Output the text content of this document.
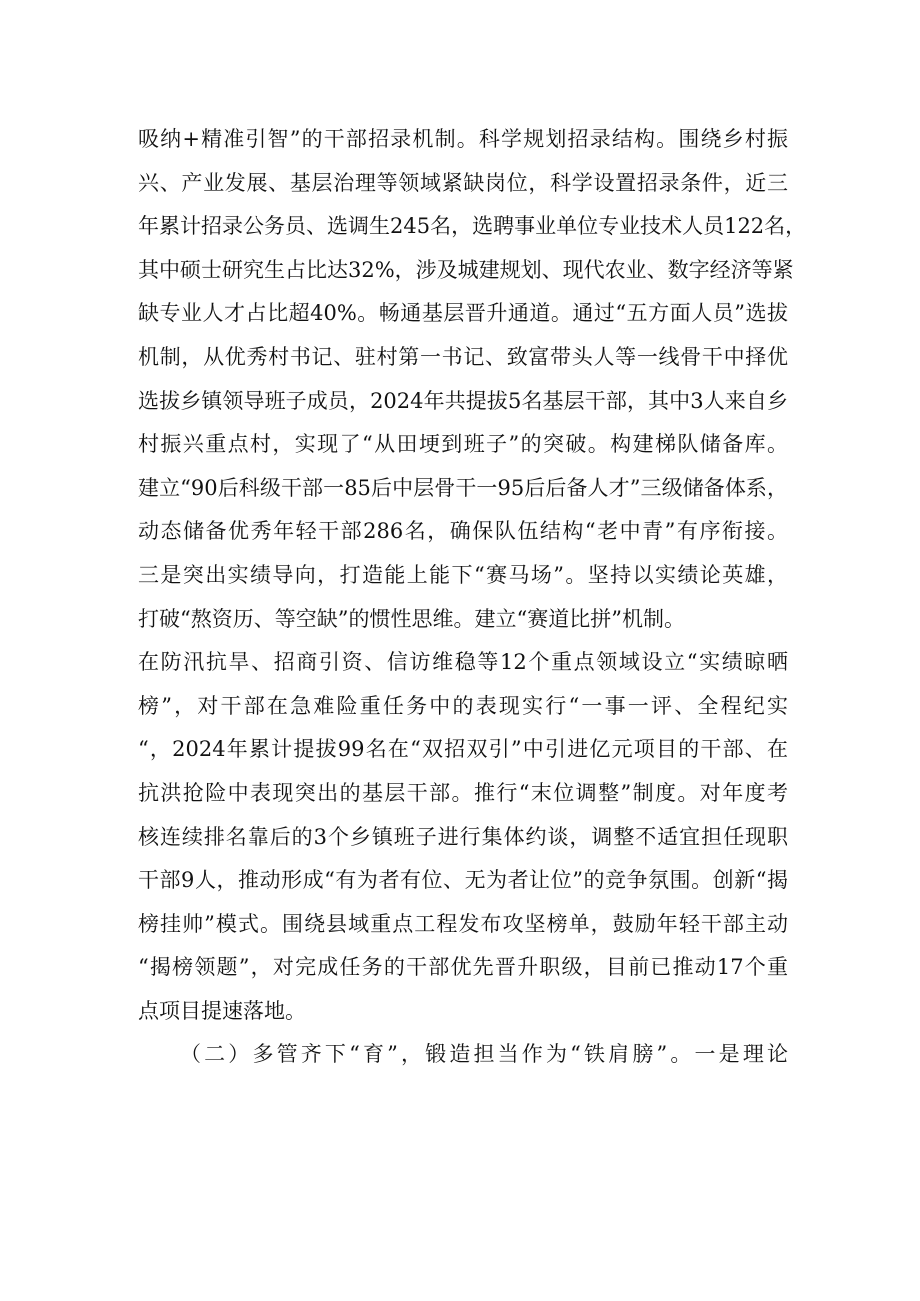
吸纳+精准引智”的干部招录机制。科学规划招录结构。围绕乡村振
兴、产业发展、基层治理等领域紧缺岗位，科学设置招录条件，近三
年累计招录公务员、选调生245名，选聘事业单位专业技术人员122名，
其中硕士研究生占比达32%，涉及城建规划、现代农业、数字经济等紧
缺专业人才占比超40%。畅通基层晋升通道。通过“五方面人员”选拔
机制，从优秀村书记、驻村第一书记、致富带头人等一线骨干中择优
选拔乡镇领导班子成员，2024年共提拔5名基层干部，其中3人来自乡
村振兴重点村，实现了“从田埂到班子”的突破。构建梯队储备库。
建立“90后科级干部一85后中层骨干一95后后备人才”三级储备体系，
动态储备优秀年轻干部286名，确保队伍结构“老中青”有序衔接。
三是突出实绩导向，打造能上能下“赛马场”。坚持以实绩论英雄，
打破“熬资历、等空缺”的惯性思维。建立“赛道比拼”机制。
在防汛抗旱、招商引资、信访维稳等12个重点领域设立“实绩晾晒
榜”，对干部在急难险重任务中的表现实行“一事一评、全程纪实
“，2024年累计提拔99名在“双招双引”中引进亿元项目的干部、在
抗洪抢险中表现突出的基层干部。推行“末位调整”制度。对年度考
核连续排名靠后的3个乡镇班子进行集体约谈，调整不适宜担任现职
干部9人，推动形成“有为者有位、无为者让位”的竞争氛围。创新“揭
榜挂帅”模式。围绕县域重点工程发布攻坚榜单，鼓励年轻干部主动
“揭榜领题”，对完成任务的干部优先晋升职级，目前已推动17个重
点项目提速落地。
（二）多管齐下“育”，锻造担当作为“铁肩膀”。一是理论
